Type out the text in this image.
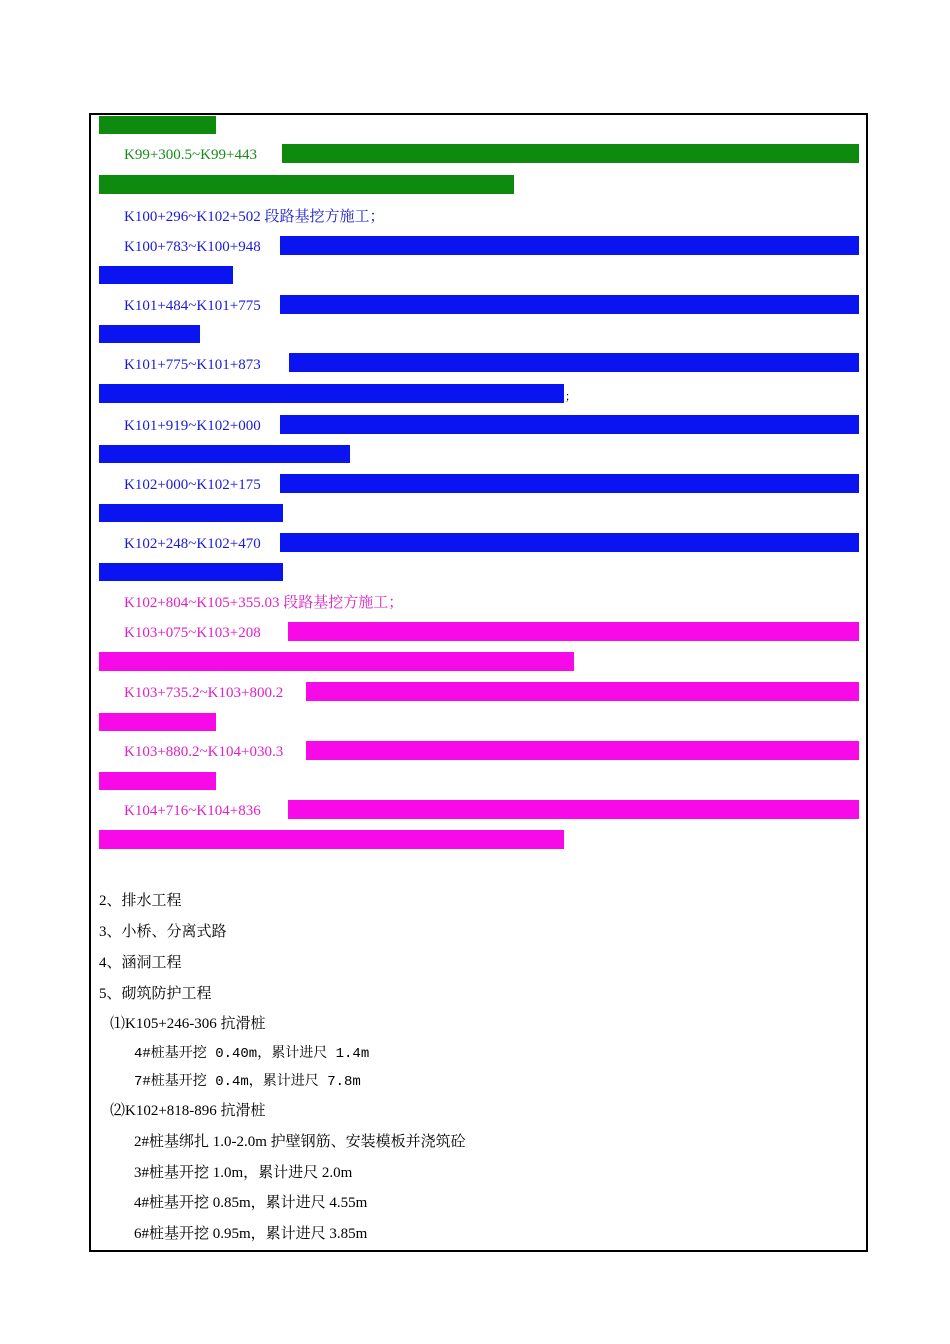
K99+300.5~K99+443
K100+296~K102+502 段路基挖方施工；
K100+783~K100+948
K101+484~K101+775
K101+775~K101+873
；
K101+919~K102+000
K102+000~K102+175
K102+248~K102+470
K102+804~K105+355.03 段路基挖方施工；
K103+075~K103+208
K103+735.2~K103+800.2
K103+880.2~K104+030.3
K104+716~K104+836
2、排水工程
3、小桥、分离式路
4、涵洞工程
5、砌筑防护工程
⑴K105+246-306 抗滑桩
4#桩基开挖 0.40m，累计进尺 1.4m
7#桩基开挖 0.4m，累计进尺 7.8m
⑵K102+818-896 抗滑桩
2#桩基绑扎 1.0-2.0m 护壁钢筋、安装模板并浇筑砼
3#桩基开挖 1.0m，累计进尺 2.0m
4#桩基开挖 0.85m，累计进尺 4.55m
6#桩基开挖 0.95m，累计进尺 3.85m
